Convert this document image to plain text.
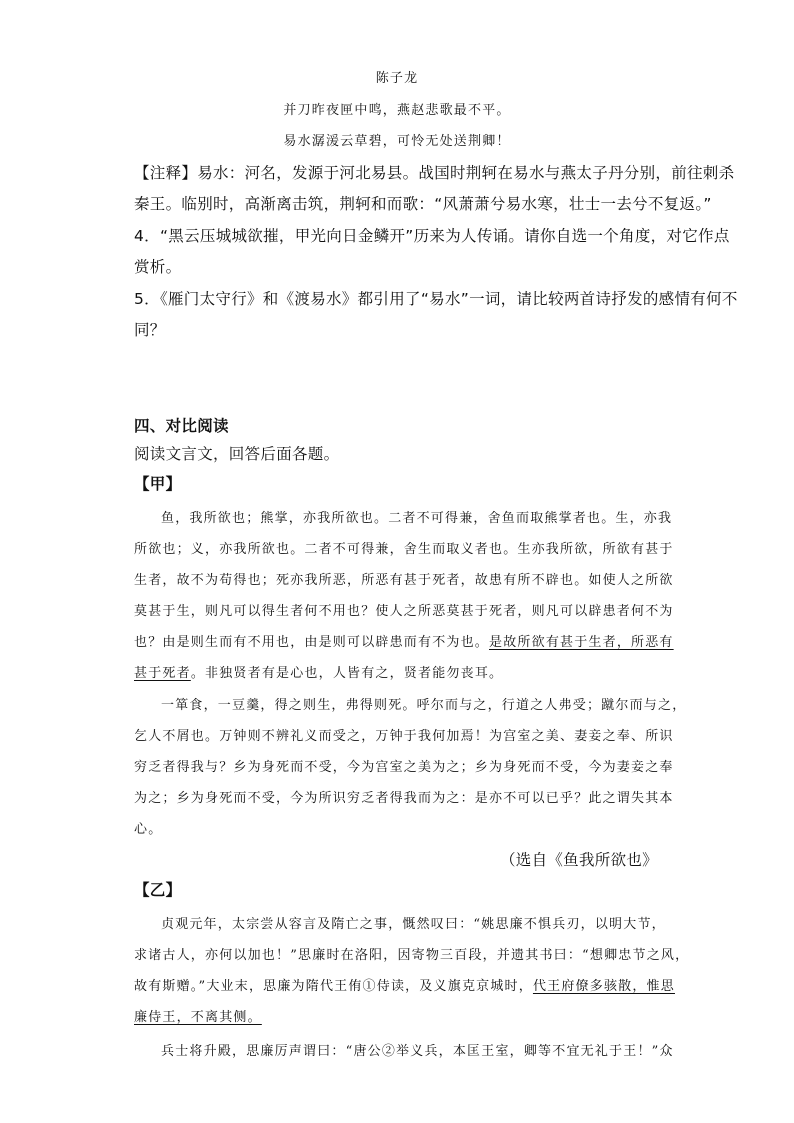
陈子龙
并刀昨夜匣中鸣，燕赵悲歌最不平。
易水潺湲云草碧，可怜无处送荆卿！
【注释】易水：河名，发源于河北易县。战国时荆轲在易水与燕太子丹分别，前往刺杀
秦王。临别时，高渐离击筑，荆轲和而歌：“风萧萧兮易水寒，壮士一去兮不复返。”
4．“黑云压城城欲摧，甲光向日金鳞开”历来为人传诵。请你自选一个角度，对它作点
赏析。
5．《雁门太守行》和《渡易水》都引用了“易水”一词，请比较两首诗抒发的感情有何不
同？
四、对比阅读
阅读文言文，回答后面各题。
【甲】
鱼，我所欲也；熊掌，亦我所欲也。二者不可得兼，舍鱼而取熊掌者也。生，亦我
所欲也；义，亦我所欲也。二者不可得兼，舍生而取义者也。生亦我所欲，所欲有甚于
生者，故不为苟得也；死亦我所恶，所恶有甚于死者，故患有所不辟也。如使人之所欲
莫甚于生，则凡可以得生者何不用也？使人之所恶莫甚于死者，则凡可以辟患者何不为
也？由是则生而有不用也，由是则可以辟患而有不为也。是故所欲有甚于生者，所恶有
甚于死者。非独贤者有是心也，人皆有之，贤者能勿丧耳。
一箪食，一豆羹，得之则生，弗得则死。呼尔而与之，行道之人弗受；蹴尔而与之，
乞人不屑也。万钟则不辨礼义而受之，万钟于我何加焉！为宫室之美、妻妾之奉、所识
穷乏者得我与？乡为身死而不受，今为宫室之美为之；乡为身死而不受，今为妻妾之奉
为之；乡为身死而不受，今为所识穷乏者得我而为之：是亦不可以已乎？此之谓失其本
心。
（选自《鱼我所欲也》
【乙】
贞观元年，太宗尝从容言及隋亡之事，慨然叹曰：“姚思廉不惧兵刃，以明大节，
求诸古人，亦何以加也！”思廉时在洛阳，因寄物三百段，并遗其书曰：“想卿忠节之风，
故有斯赠。”大业末，思廉为隋代王侑①侍读，及义旗克京城时，代王府僚多骇散，惟思
廉侍王，不离其侧。
兵士将升殿，思廉厉声谓曰：“唐公②举义兵，本匡王室，卿等不宜无礼于王！”众
